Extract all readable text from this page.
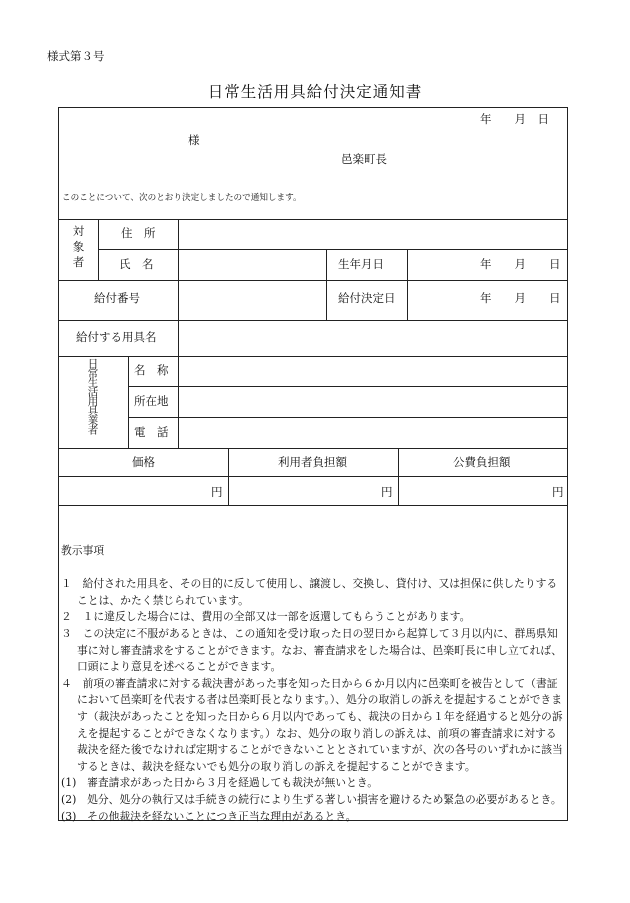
様式第３号
日常生活用具給付決定通知書
年　　月　日
様
邑楽町長
このことについて、次のとおり決定しましたので通知します。
対象者	住　所
氏　名	生年月日	年　　月　　日
給付番号	給付決定日	年　　月　　日
給付する用具名
日常生活用具業者	名　称
所在地
電　話
価格	利用者負担額	公費負担額
円	円	円

教示事項

１　給付された用具を、その目的に反して使用し、譲渡し、交換し、貸付け、又は担保に供したりすることは、かたく禁じられています。

２　１に違反した場合には、費用の全部又は一部を返還してもらうことがあります。

３　この決定に不服があるときは、この通知を受け取った日の翌日から起算して３月以内に、群馬県知事に対し審査請求をすることができます。なお、審査請求をした場合は、邑楽町長に申し立てれば、口頭により意見を述べることができます。

４　前項の審査請求に対する裁決書があった事を知った日から６か月以内に邑楽町を被告として（書証において邑楽町を代表する者は邑楽町長となります。）、処分の取消しの訴えを提起することができます（裁決があったことを知った日から６月以内であっても、裁決の日から１年を経過すると処分の訴えを提起することができなくなります。）なお、処分の取り消しの訴えは、前項の審査請求に対する裁決を経た後でなければ定期することができないこととされていますが、次の各号のいずれかに該当するときは、裁決を経ないでも処分の取り消しの訴えを提起することができます。

(1)　審査請求があった日から３月を経過しても裁決が無いとき。

(2)　処分、処分の執行又は手続きの続行により生ずる著しい損害を避けるため緊急の必要があるとき。

(3)　その他裁決を経ないことにつき正当な理由があるとき。
